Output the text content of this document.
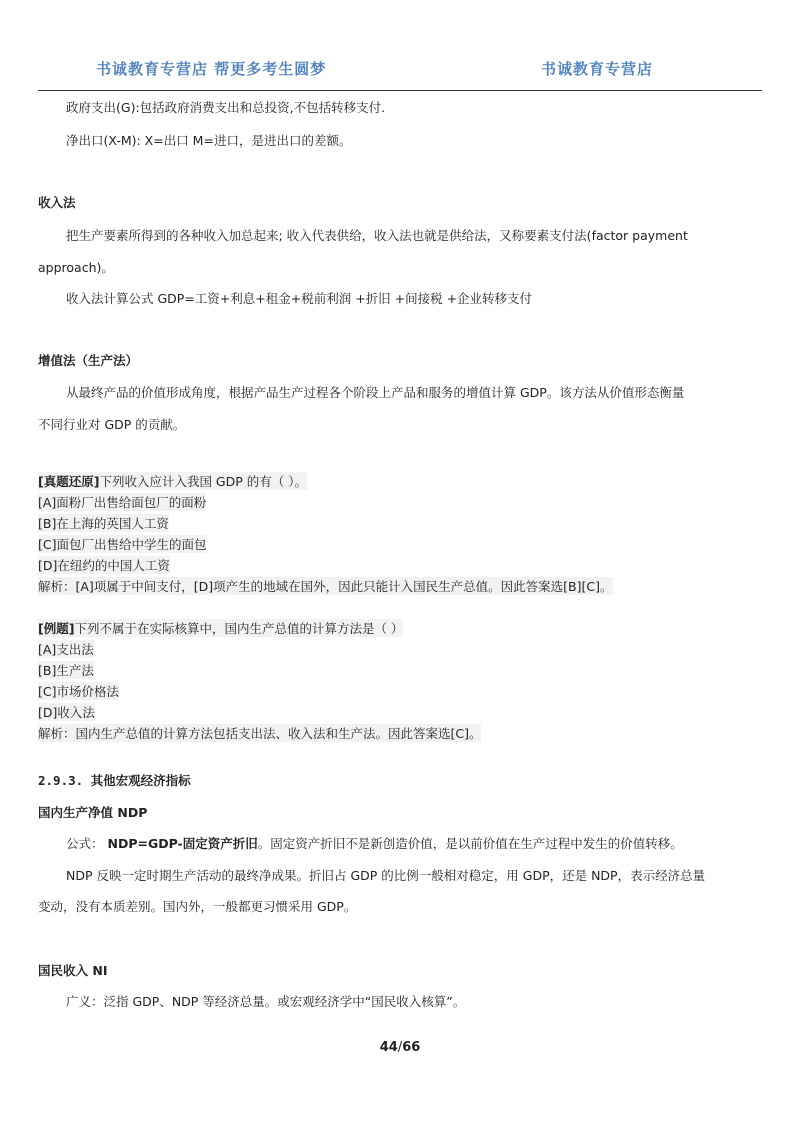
书诚教育专营店 帮更多考生圆梦	书诚教育专营店
政府支出(G):包括政府消费支出和总投资,不包括转移支付.
净出口(X-M): X=出口 M=进口，是进出口的差额。
收入法
把生产要素所得到的各种收入加总起来; 收入代表供给，收入法也就是供给法，又称要素支付法(factor payment
approach)。
收入法计算公式 GDP=工资+利息+租金+税前利润 +折旧 +间接税 +企业转移支付
增值法（生产法）
从最终产品的价值形成角度，根据产品生产过程各个阶段上产品和服务的增值计算 GDP。该方法从价值形态衡量
不同行业对 GDP 的贡献。
[真题还原]下列收入应计入我国 GDP 的有（ ）。
[A]面粉厂出售给面包厂的面粉
[B]在上海的英国人工资
[C]面包厂出售给中学生的面包
[D]在纽约的中国人工资
解析：[A]项属于中间支付，[D]项产生的地域在国外，因此只能计入国民生产总值。因此答案选[B][C]。
[例题]下列不属于在实际核算中，国内生产总值的计算方法是（ ）
[A]支出法
[B]生产法
[C]市场价格法
[D]收入法
解析：国内生产总值的计算方法包括支出法、收入法和生产法。因此答案选[C]。
2.9.3. 其他宏观经济指标
国内生产净值 NDP
公式： NDP=GDP-固定资产折旧。固定资产折旧不是新创造价值，是以前价值在生产过程中发生的价值转移。
NDP 反映一定时期生产活动的最终净成果。折旧占 GDP 的比例一般相对稳定，用 GDP，还是 NDP，表示经济总量
变动，没有本质差别。国内外，一般都更习惯采用 GDP。
国民收入 NI
广义：泛指 GDP、NDP 等经济总量。或宏观经济学中“国民收入核算”。
44/66
